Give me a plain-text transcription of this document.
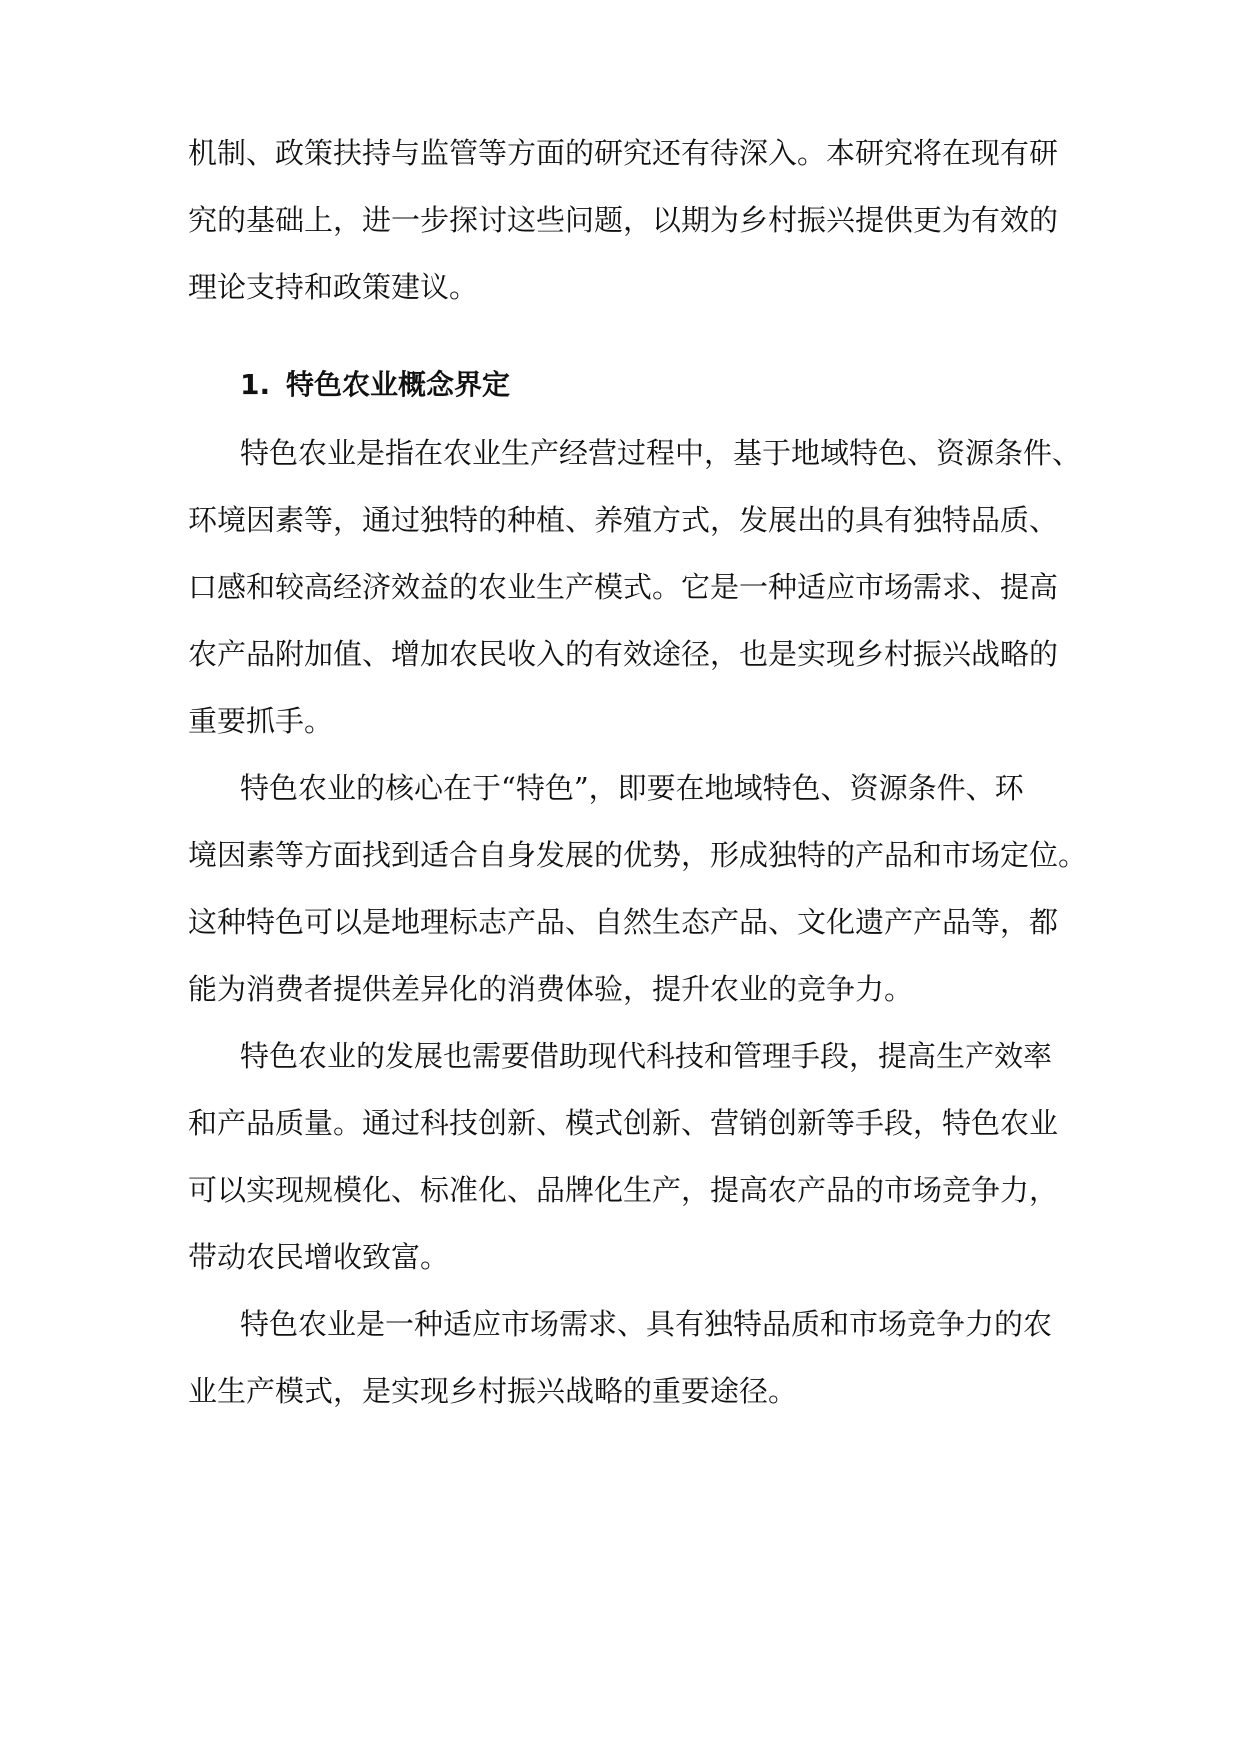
机制、政策扶持与监管等方面的研究还有待深入。本研究将在现有研
究的基础上，进一步探讨这些问题，以期为乡村振兴提供更为有效的
理论支持和政策建议。
1. 特色农业概念界定
特色农业是指在农业生产经营过程中，基于地域特色、资源条件、
环境因素等，通过独特的种植、养殖方式，发展出的具有独特品质、
口感和较高经济效益的农业生产模式。它是一种适应市场需求、提高
农产品附加值、增加农民收入的有效途径，也是实现乡村振兴战略的
重要抓手。
特色农业的核心在于“特色”，即要在地域特色、资源条件、环
境因素等方面找到适合自身发展的优势，形成独特的产品和市场定位。
这种特色可以是地理标志产品、自然生态产品、文化遗产产品等，都
能为消费者提供差异化的消费体验，提升农业的竞争力。
特色农业的发展也需要借助现代科技和管理手段，提高生产效率
和产品质量。通过科技创新、模式创新、营销创新等手段，特色农业
可以实现规模化、标准化、品牌化生产，提高农产品的市场竞争力，
带动农民增收致富。
特色农业是一种适应市场需求、具有独特品质和市场竞争力的农
业生产模式，是实现乡村振兴战略的重要途径。
